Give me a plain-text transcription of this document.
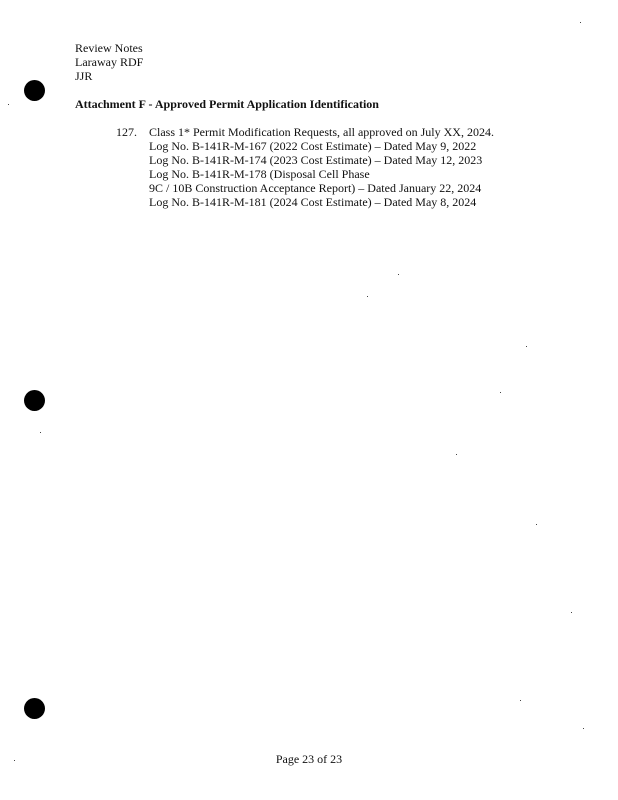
Review Notes
Laraway RDF
JJR
Attachment F - Approved Permit Application Identification
127. Class 1* Permit Modification Requests, all approved on July XX, 2024.
Log No. B-141R-M-167 (2022 Cost Estimate) – Dated May 9, 2022
Log No. B-141R-M-174 (2023 Cost Estimate) – Dated May 12, 2023
Log No. B-141R-M-178 (Disposal Cell Phase
9C / 10B Construction Acceptance Report) – Dated January 22, 2024
Log No. B-141R-M-181 (2024 Cost Estimate) – Dated May 8, 2024
Page 23 of 23
